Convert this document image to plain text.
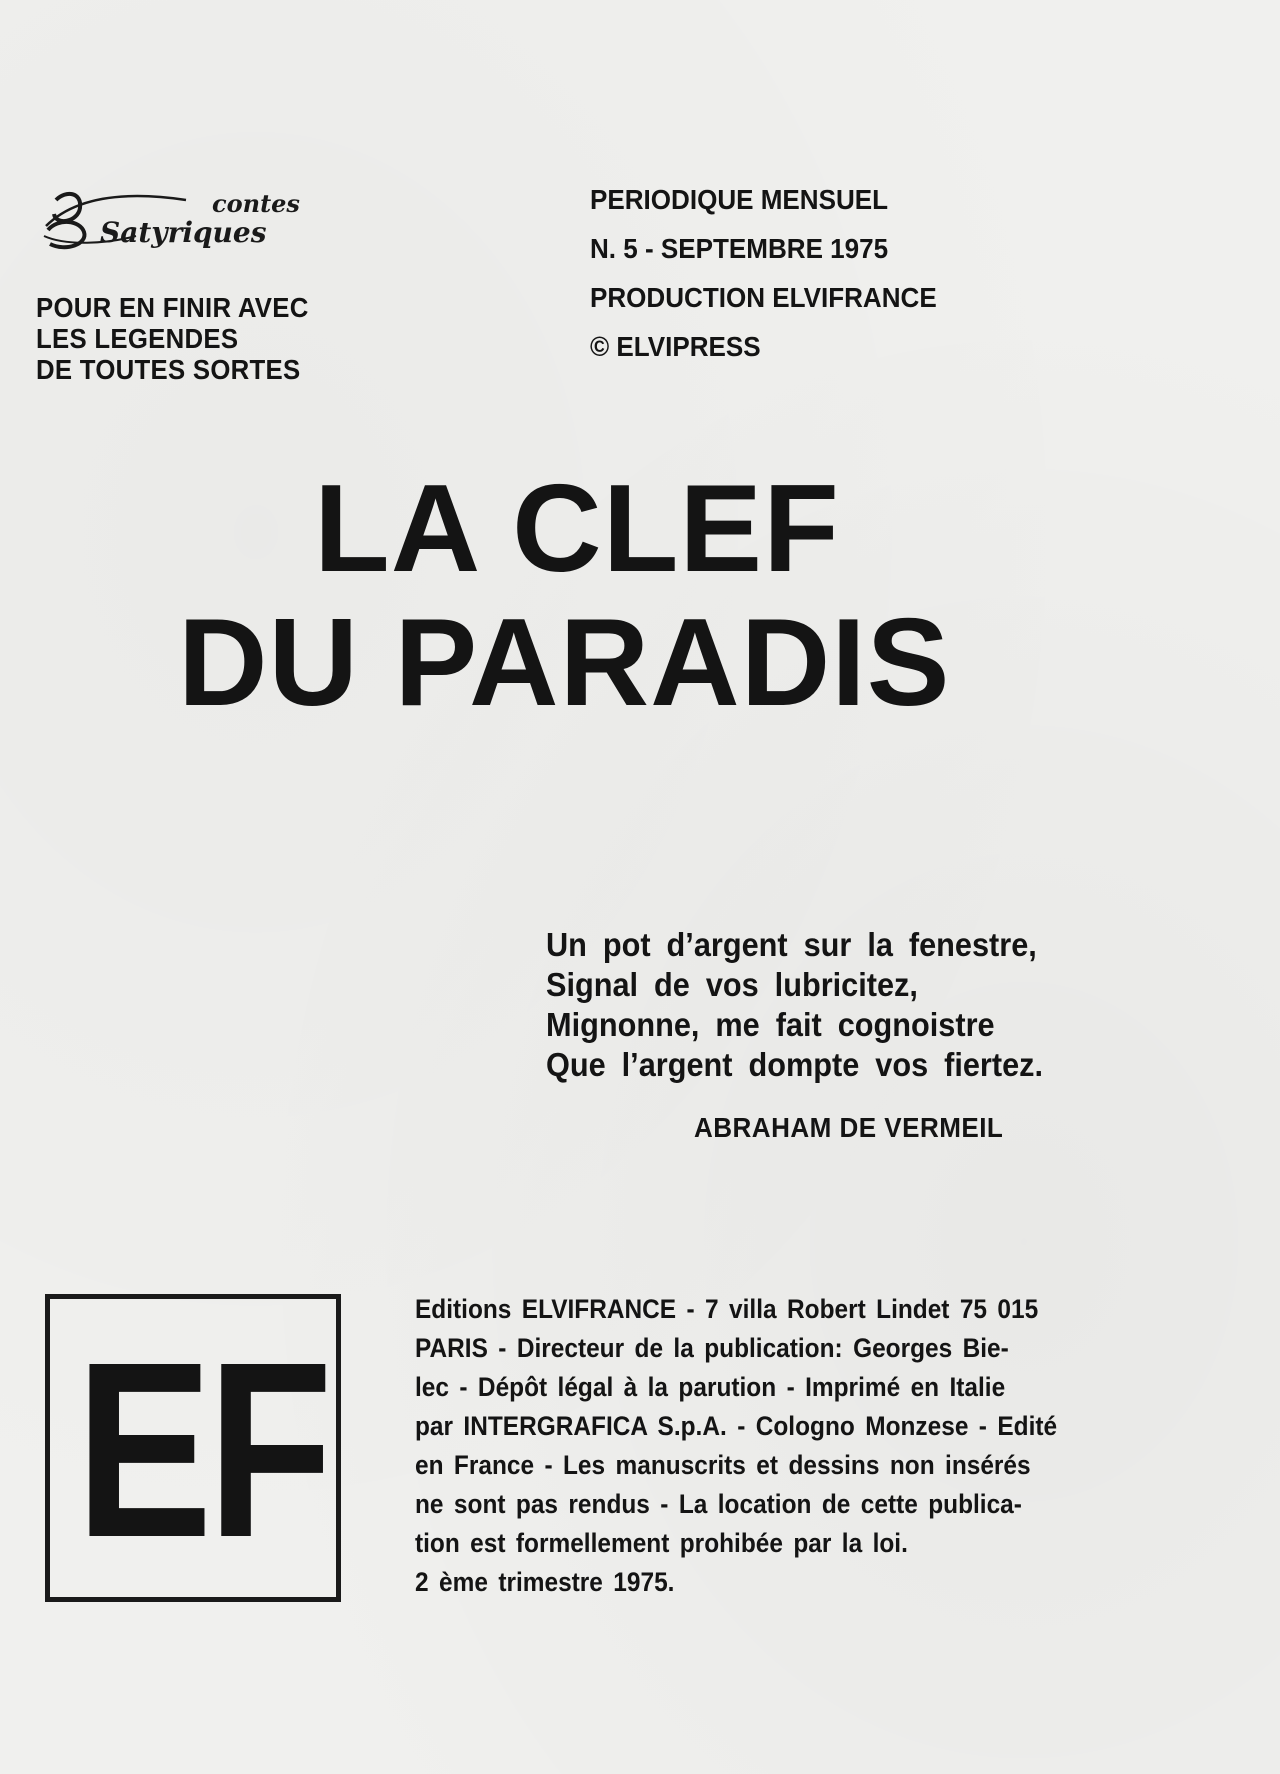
contes
Satyriques
POUR EN FINIR AVEC
LES LEGENDES
DE TOUTES SORTES
PERIODIQUE MENSUEL
N. 5 - SEPTEMBRE 1975
PRODUCTION ELVIFRANCE
© ELVIPRESS
LA CLEF
DU PARADIS
Un pot d’argent sur la fenestre,
Signal de vos lubricitez,
Mignonne, me fait cognoistre
Que l’argent dompte vos fiertez.
ABRAHAM DE VERMEIL
EF
Editions ELVIFRANCE - 7 villa Robert Lindet 75 015
PARIS - Directeur de la publication: Georges Bie-
lec - Dépôt légal à la parution - Imprimé en Italie
par INTERGRAFICA S.p.A. - Cologno Monzese - Edité
en France - Les manuscrits et dessins non insérés
ne sont pas rendus - La location de cette publica-
tion est formellement prohibée par la loi.
2 ème trimestre 1975.
